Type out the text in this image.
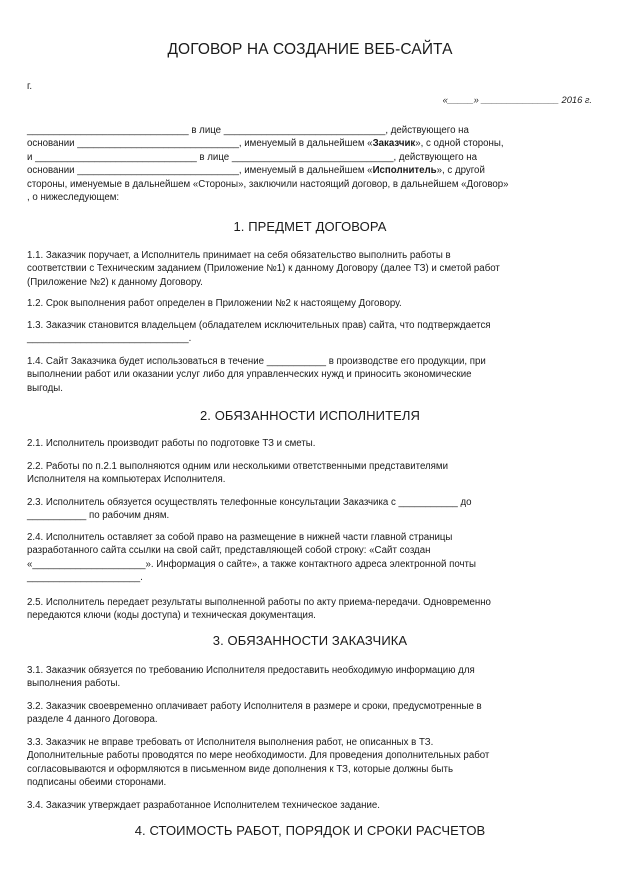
ДОГОВОР НА СОЗДАНИЕ ВЕБ-САЙТА
г.
«_____» _______________ 2016 г.

______________________________ в лице ______________________________, действующего на

основании ______________________________, именуемый в дальнейшем «Заказчик», с одной стороны,

и ______________________________ в лице ______________________________, действующего на

основании ______________________________, именуемый в дальнейшем «Исполнитель», с другой

стороны, именуемые в дальнейшем «Стороны», заключили настоящий договор, в дальнейшем «Договор»

, о нижеследующем:

1. ПРЕДМЕТ ДОГОВОРА

1.1. Заказчик поручает, а Исполнитель принимает на себя обязательство выполнить работы в

соответствии с Техническим заданием (Приложение №1) к данному Договору (далее ТЗ) и сметой работ

(Приложение №2) к данному Договору.

1.2. Срок выполнения работ определен в Приложении №2 к настоящему Договору.

1.3. Заказчик становится владельцем (обладателем исключительных прав) сайта, что подтверждается

______________________________.

1.4. Сайт Заказчика будет использоваться в течение ___________ в производстве его продукции, при

выполнении работ или оказании услуг либо для управленческих нужд и приносить экономические

выгоды.

2. ОБЯЗАННОСТИ ИСПОЛНИТЕЛЯ

2.1. Исполнитель производит работы по подготовке ТЗ и сметы.

2.2. Работы по п.2.1 выполняются одним или несколькими ответственными представителями

Исполнителя на компьютерах Исполнителя.

2.3. Исполнитель обязуется осуществлять телефонные консультации Заказчика с ___________ до

___________ по рабочим дням.

2.4. Исполнитель оставляет за собой право на размещение в нижней части главной страницы

разработанного сайта ссылки на свой сайт, представляющей собой строку: «Сайт создан

«_____________________». Информация о сайте», а также контактного адреса электронной почты

_____________________.

2.5. Исполнитель передает результаты выполненной работы по акту приема-передачи. Одновременно

передаются ключи (коды доступа) и техническая документация.

3. ОБЯЗАННОСТИ ЗАКАЗЧИКА

3.1. Заказчик обязуется по требованию Исполнителя предоставить необходимую информацию для

выполнения работы.

3.2. Заказчик своевременно оплачивает работу Исполнителя в размере и сроки, предусмотренные в

разделе 4 данного Договора.

3.3. Заказчик не вправе требовать от Исполнителя выполнения работ, не описанных в ТЗ.

Дополнительные работы проводятся по мере необходимости. Для проведения дополнительных работ

согласовываются и оформляются в письменном виде дополнения к ТЗ, которые должны быть

подписаны обеими сторонами.

3.4. Заказчик утверждает разработанное Исполнителем техническое задание.

4. СТОИМОСТЬ РАБОТ, ПОРЯДОК И СРОКИ РАСЧЕТОВ
